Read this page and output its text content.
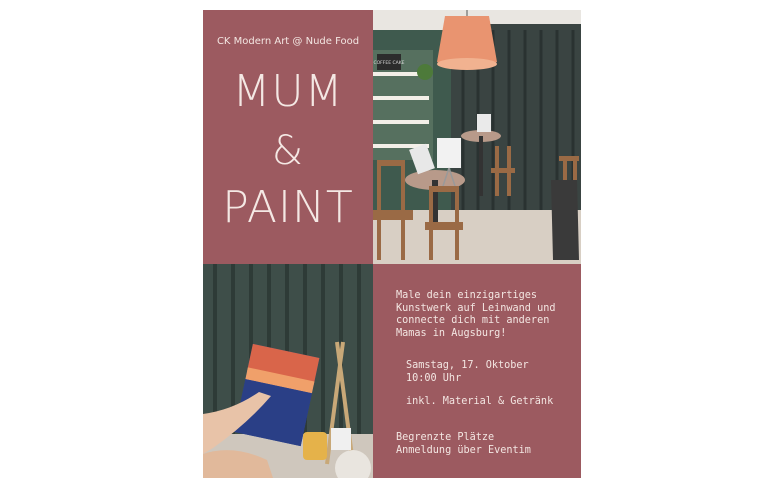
CK Modern Art @ Nude Food
MUM
&
PAINT
COFFEE CAKE
Male dein einzigartiges
Kunstwerk auf Leinwand und
connecte dich mit anderen
Mamas in Augsburg!
Samstag, 17. Oktober
10:00 Uhr
inkl. Material & Getränk
Begrenzte Plätze
Anmeldung über Eventim
